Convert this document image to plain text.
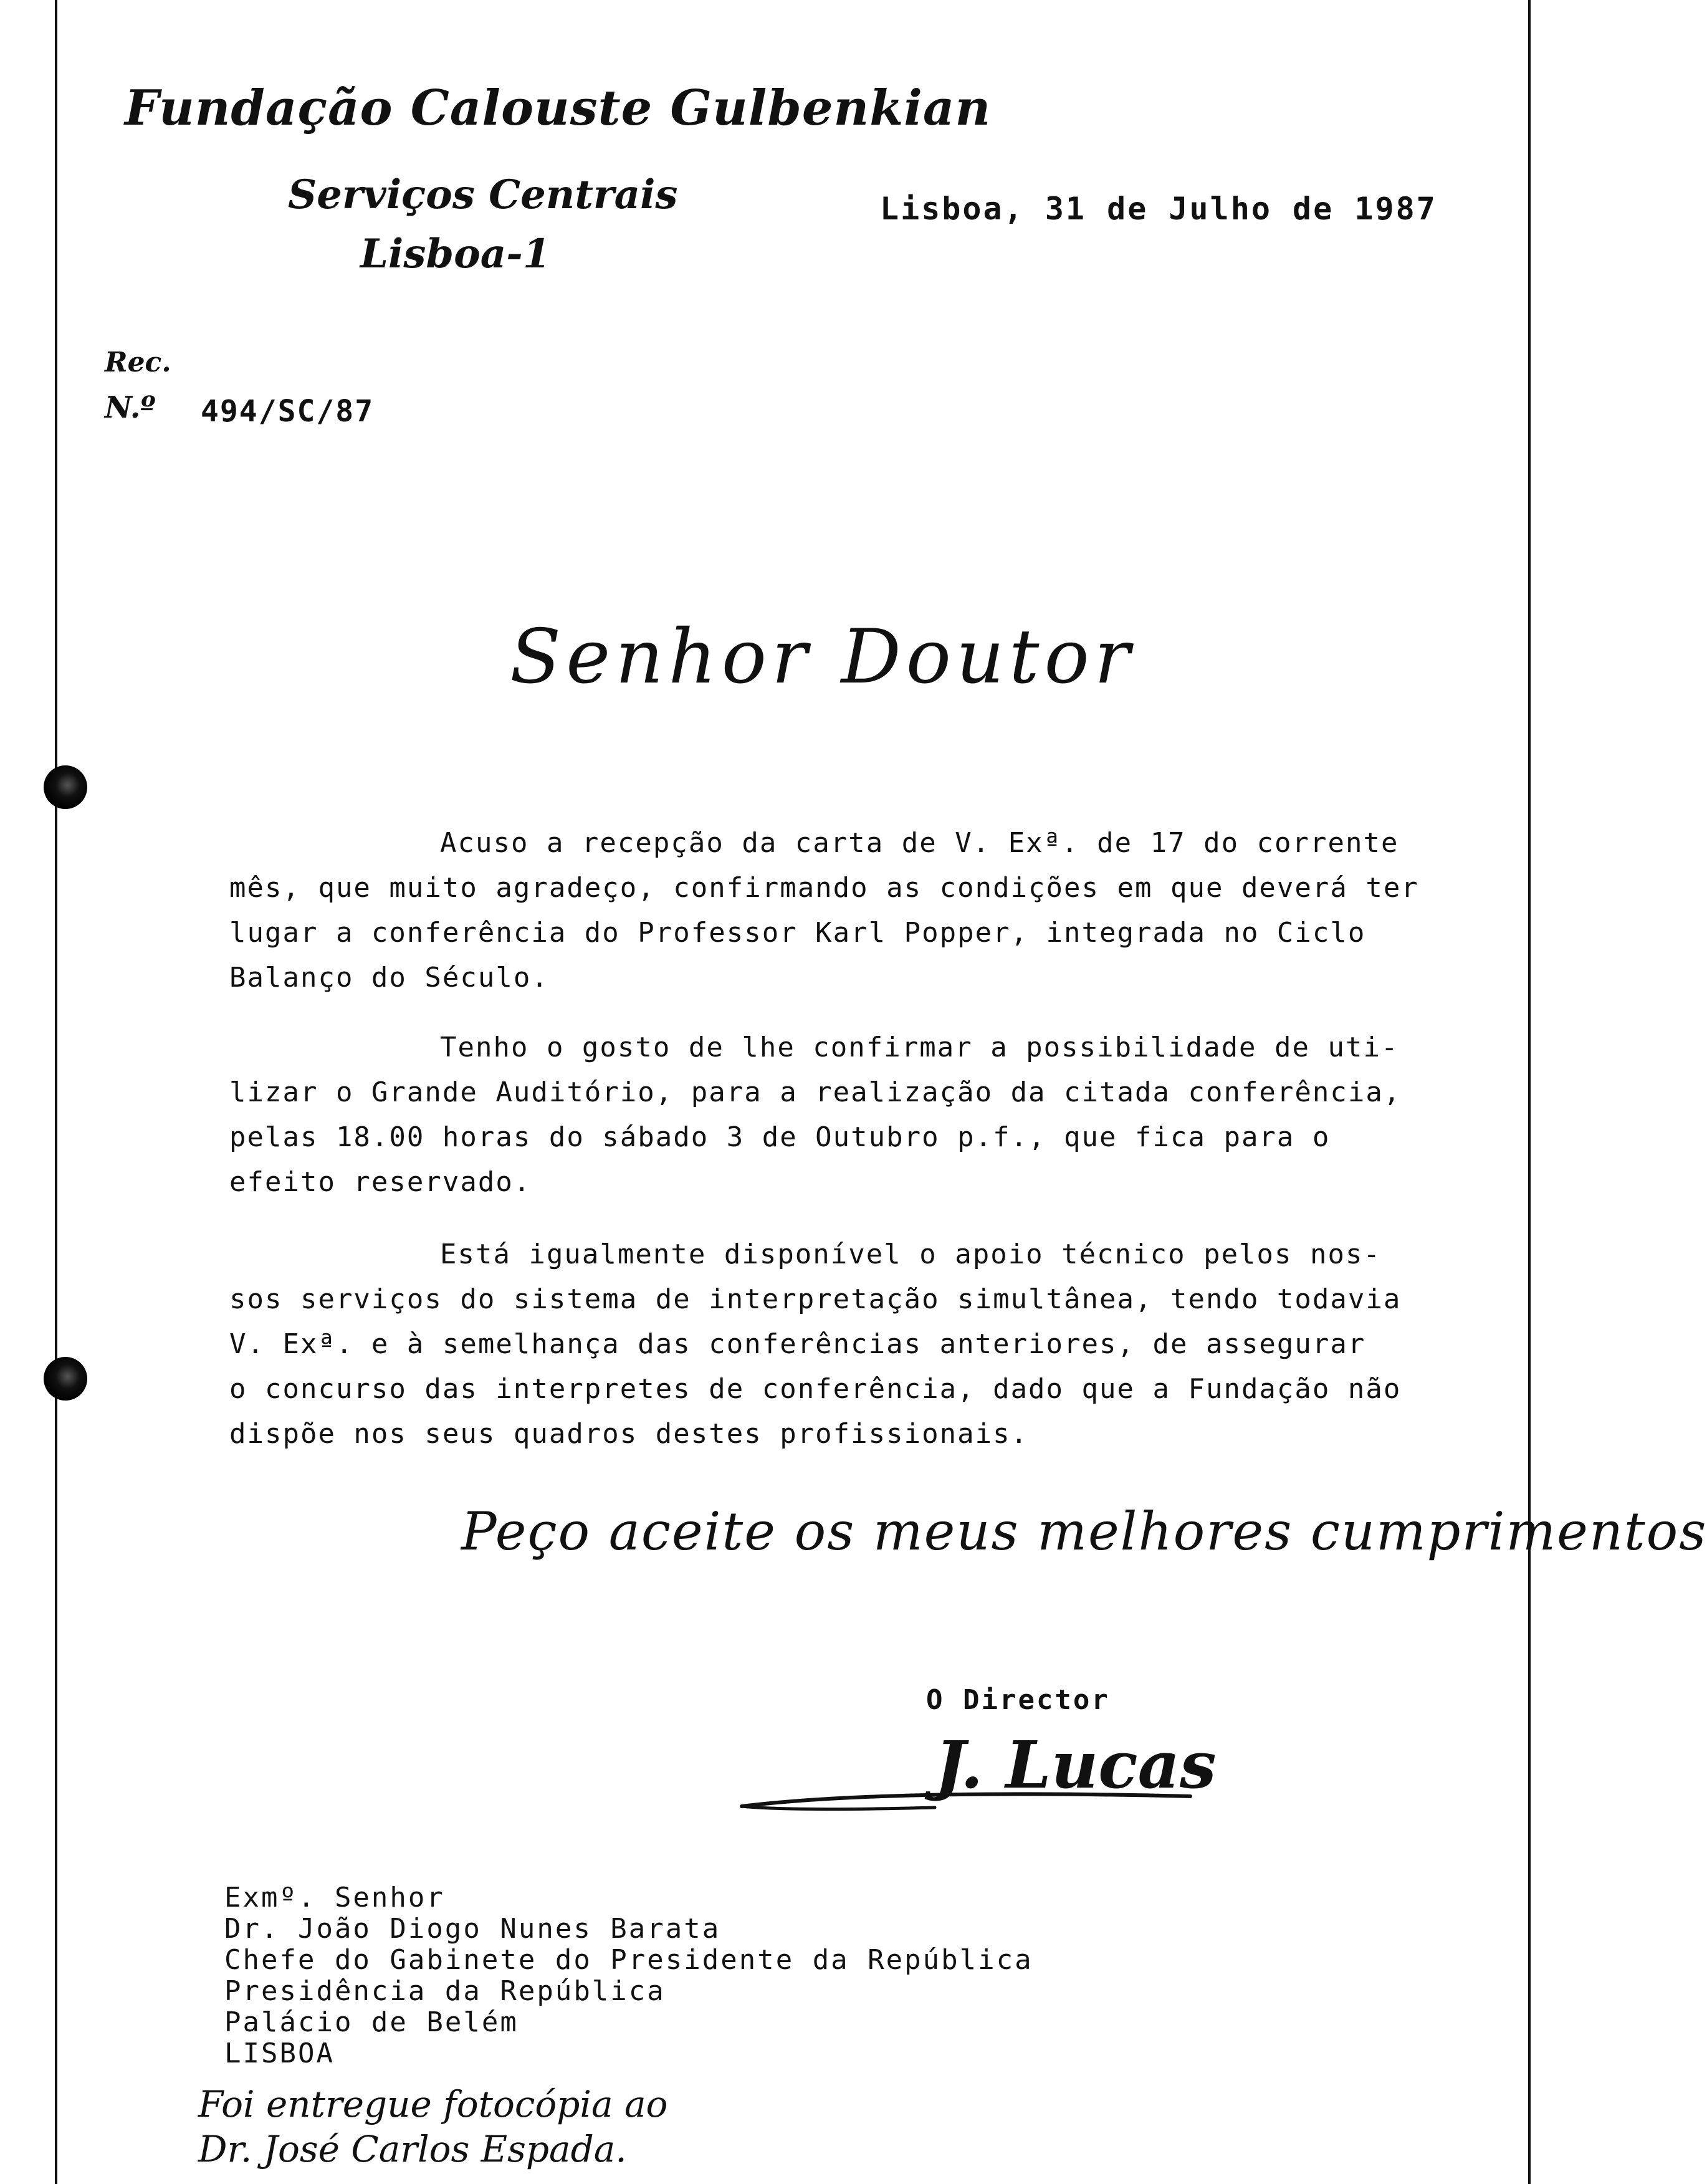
Fundação Calouste Gulbenkian
Serviços Centrais
Lisboa-1
Lisboa, 31 de Julho de 1987
Rec.
N.º 494/SC/87
Senhor Doutor
Acuso a recepção da carta de V. Exª. de 17 do corrente
mês, que muito agradeço, confirmando as condições em que deverá ter
lugar a conferência do Professor Karl Popper, integrada no Ciclo
Balanço do Século.
Tenho o gosto de lhe confirmar a possibilidade de uti-
lizar o Grande Auditório, para a realização da citada conferência,
pelas 18.00 horas do sábado 3 de Outubro p.f., que fica para o
efeito reservado.
Está igualmente disponível o apoio técnico pelos nos-
sos serviços do sistema de interpretação simultânea, tendo todavia
V. Exª. e à semelhança das conferências anteriores, de assegurar
o concurso das interpretes de conferência, dado que a Fundação não
dispõe nos seus quadros destes profissionais.
Peço aceite os meus melhores cumprimentos
O Director
J. Lucas
Exmº. Senhor
Dr. João Diogo Nunes Barata
Chefe do Gabinete do Presidente da República
Presidência da República
Palácio de Belém
LISBOA
Foi entregue fotocópia ao
Dr. José Carlos Espada.
